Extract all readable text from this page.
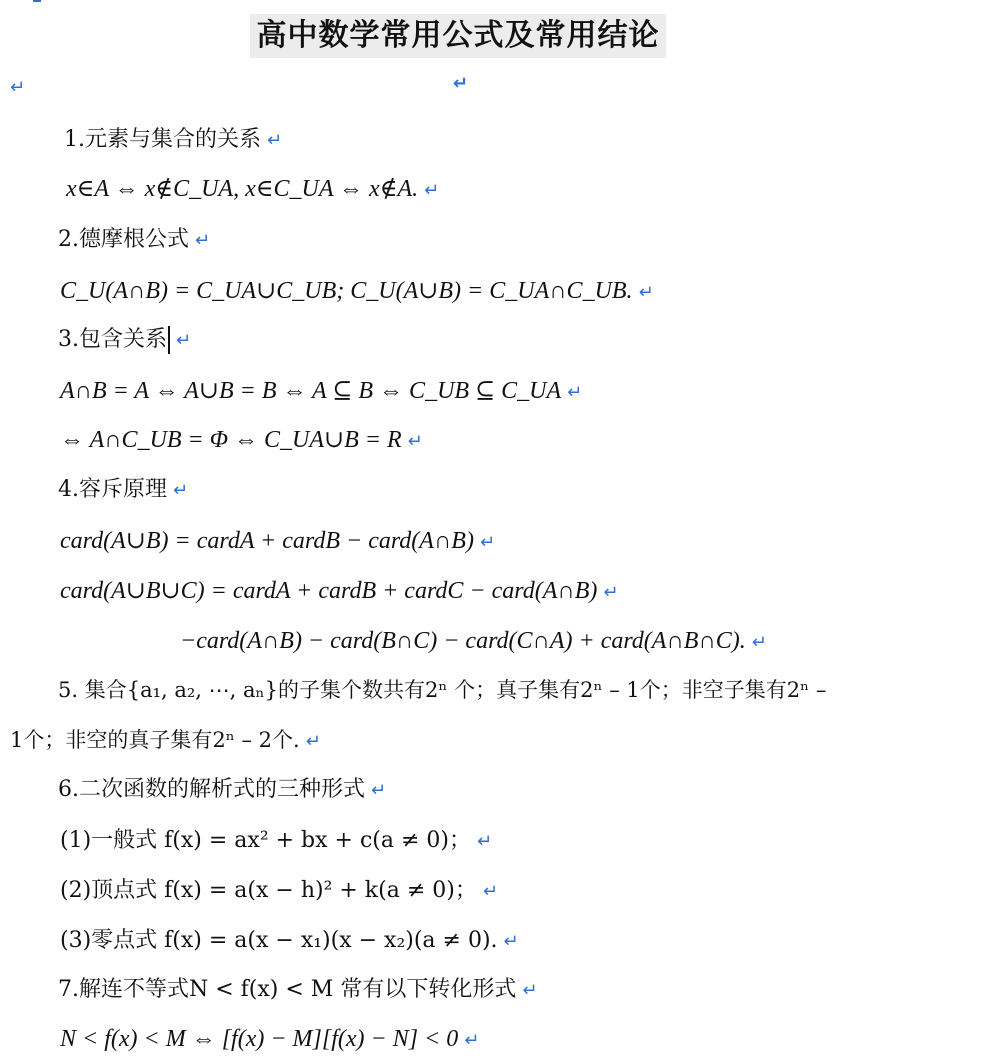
高中数学常用公式及常用结论↵
↵
1.元素与集合的关系 ↵
x∈A ⇔ x∉C_UA, x∈C_UA ⇔ x∉A. ↵
2.德摩根公式 ↵
C_U(A∩B) = C_UA∪C_UB; C_U(A∪B) = C_UA∩C_UB. ↵
3.包含关系 ↵
A∩B = A ⇔ A∪B = B ⇔ A ⊆ B ⇔ C_UB ⊆ C_UA ↵
⇔ A∩C_UB = Φ ⇔ C_UA∪B = R ↵
4.容斥原理 ↵
card(A∪B) = cardA + cardB − card(A∩B) ↵
card(A∪B∪C) = cardA + cardB + cardC − card(A∩B) ↵
−card(A∩B) − card(B∩C) − card(C∩A) + card(A∩B∩C). ↵
5. 集合{a₁, a₂, ⋯, aₙ}的子集个数共有2ⁿ 个；真子集有2ⁿ – 1个；非空子集有2ⁿ –
1个；非空的真子集有2ⁿ – 2个. ↵
6.二次函数的解析式的三种形式 ↵
(1)一般式 f(x) = ax² + bx + c(a ≠ 0)； ↵
(2)顶点式 f(x) = a(x − h)² + k(a ≠ 0)； ↵
(3)零点式 f(x) = a(x − x₁)(x − x₂)(a ≠ 0). ↵
7.解连不等式N < f(x) < M 常有以下转化形式 ↵
N < f(x) < M ⇔ [f(x) − M][f(x) − N] < 0 ↵
